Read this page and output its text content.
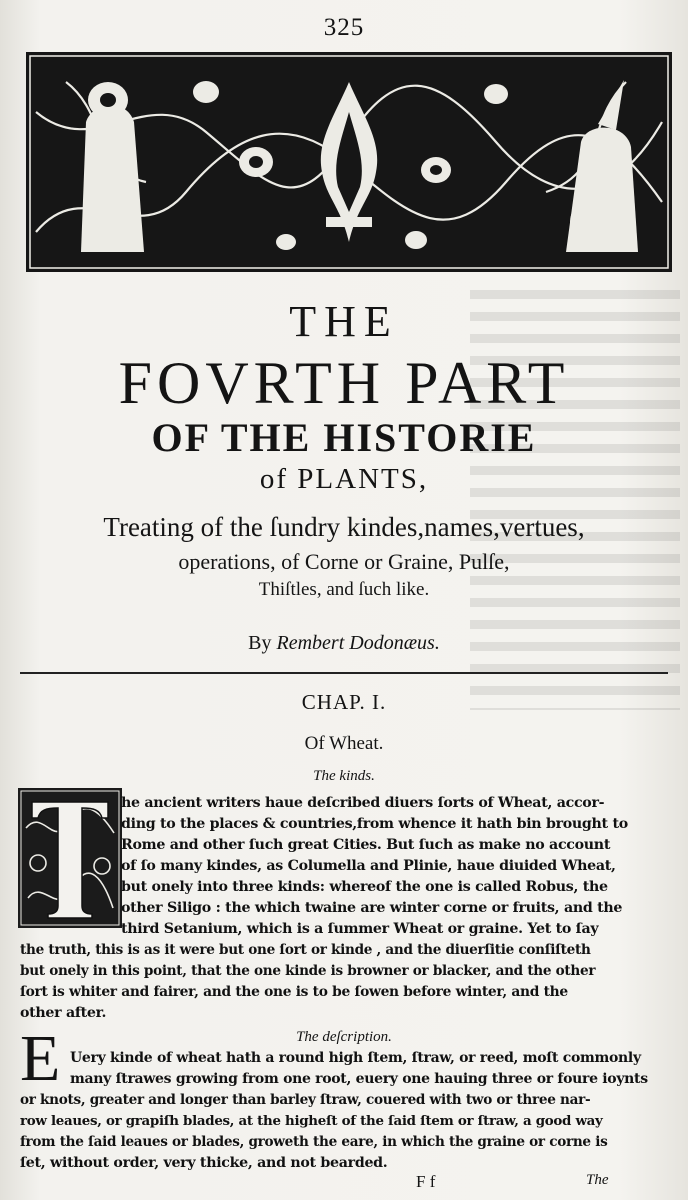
325
THE
FOVRTH PART
OF THE HISTORIE
of PLANTS,
Treating of the ſundry kindes,names,vertues,
operations, of Corne or Graine, Pulſe,
Thiſtles, and ſuch like.
By Rembert Dodonæus.
CHAP. I.
Of Wheat.
The kinds.
he ancient writers haue deſcribed diuers ſorts of Wheat, accor-
ding to the places & countries,from whence it hath bin brought to
Rome and other ſuch great Cities. But ſuch as make no account
of ſo many kindes, as Columella and Plinie, haue diuided Wheat,
but onely into three kinds: whereof the one is called Robus, the
other Siligo : the which twaine are winter corne or fruits, and the
third Setanium, which is a ſummer Wheat or graine. Yet to ſay
the truth, this is as it were but one ſort or kinde , and the diuerſitie conſiſteth
but onely in this point, that the one kinde is browner or blacker, and the other
ſort is whiter and fairer, and the one is to be ſowen before winter, and the
other after.
The deſcription.
E Uery kinde of wheat hath a round high ſtem, ſtraw, or reed, moſt commonly
many ſtrawes growing from one root, euery one hauing three or foure ioynts
or knots, greater and longer than barley ſtraw, couered with two or three nar-
row leaues, or grapiſh blades, at the higheſt of the ſaid ſtem or ſtraw, a good way
from the ſaid leaues or blades, groweth the eare, in which the graine or corne is
ſet, without order, very thicke, and not bearded.
F f	The
